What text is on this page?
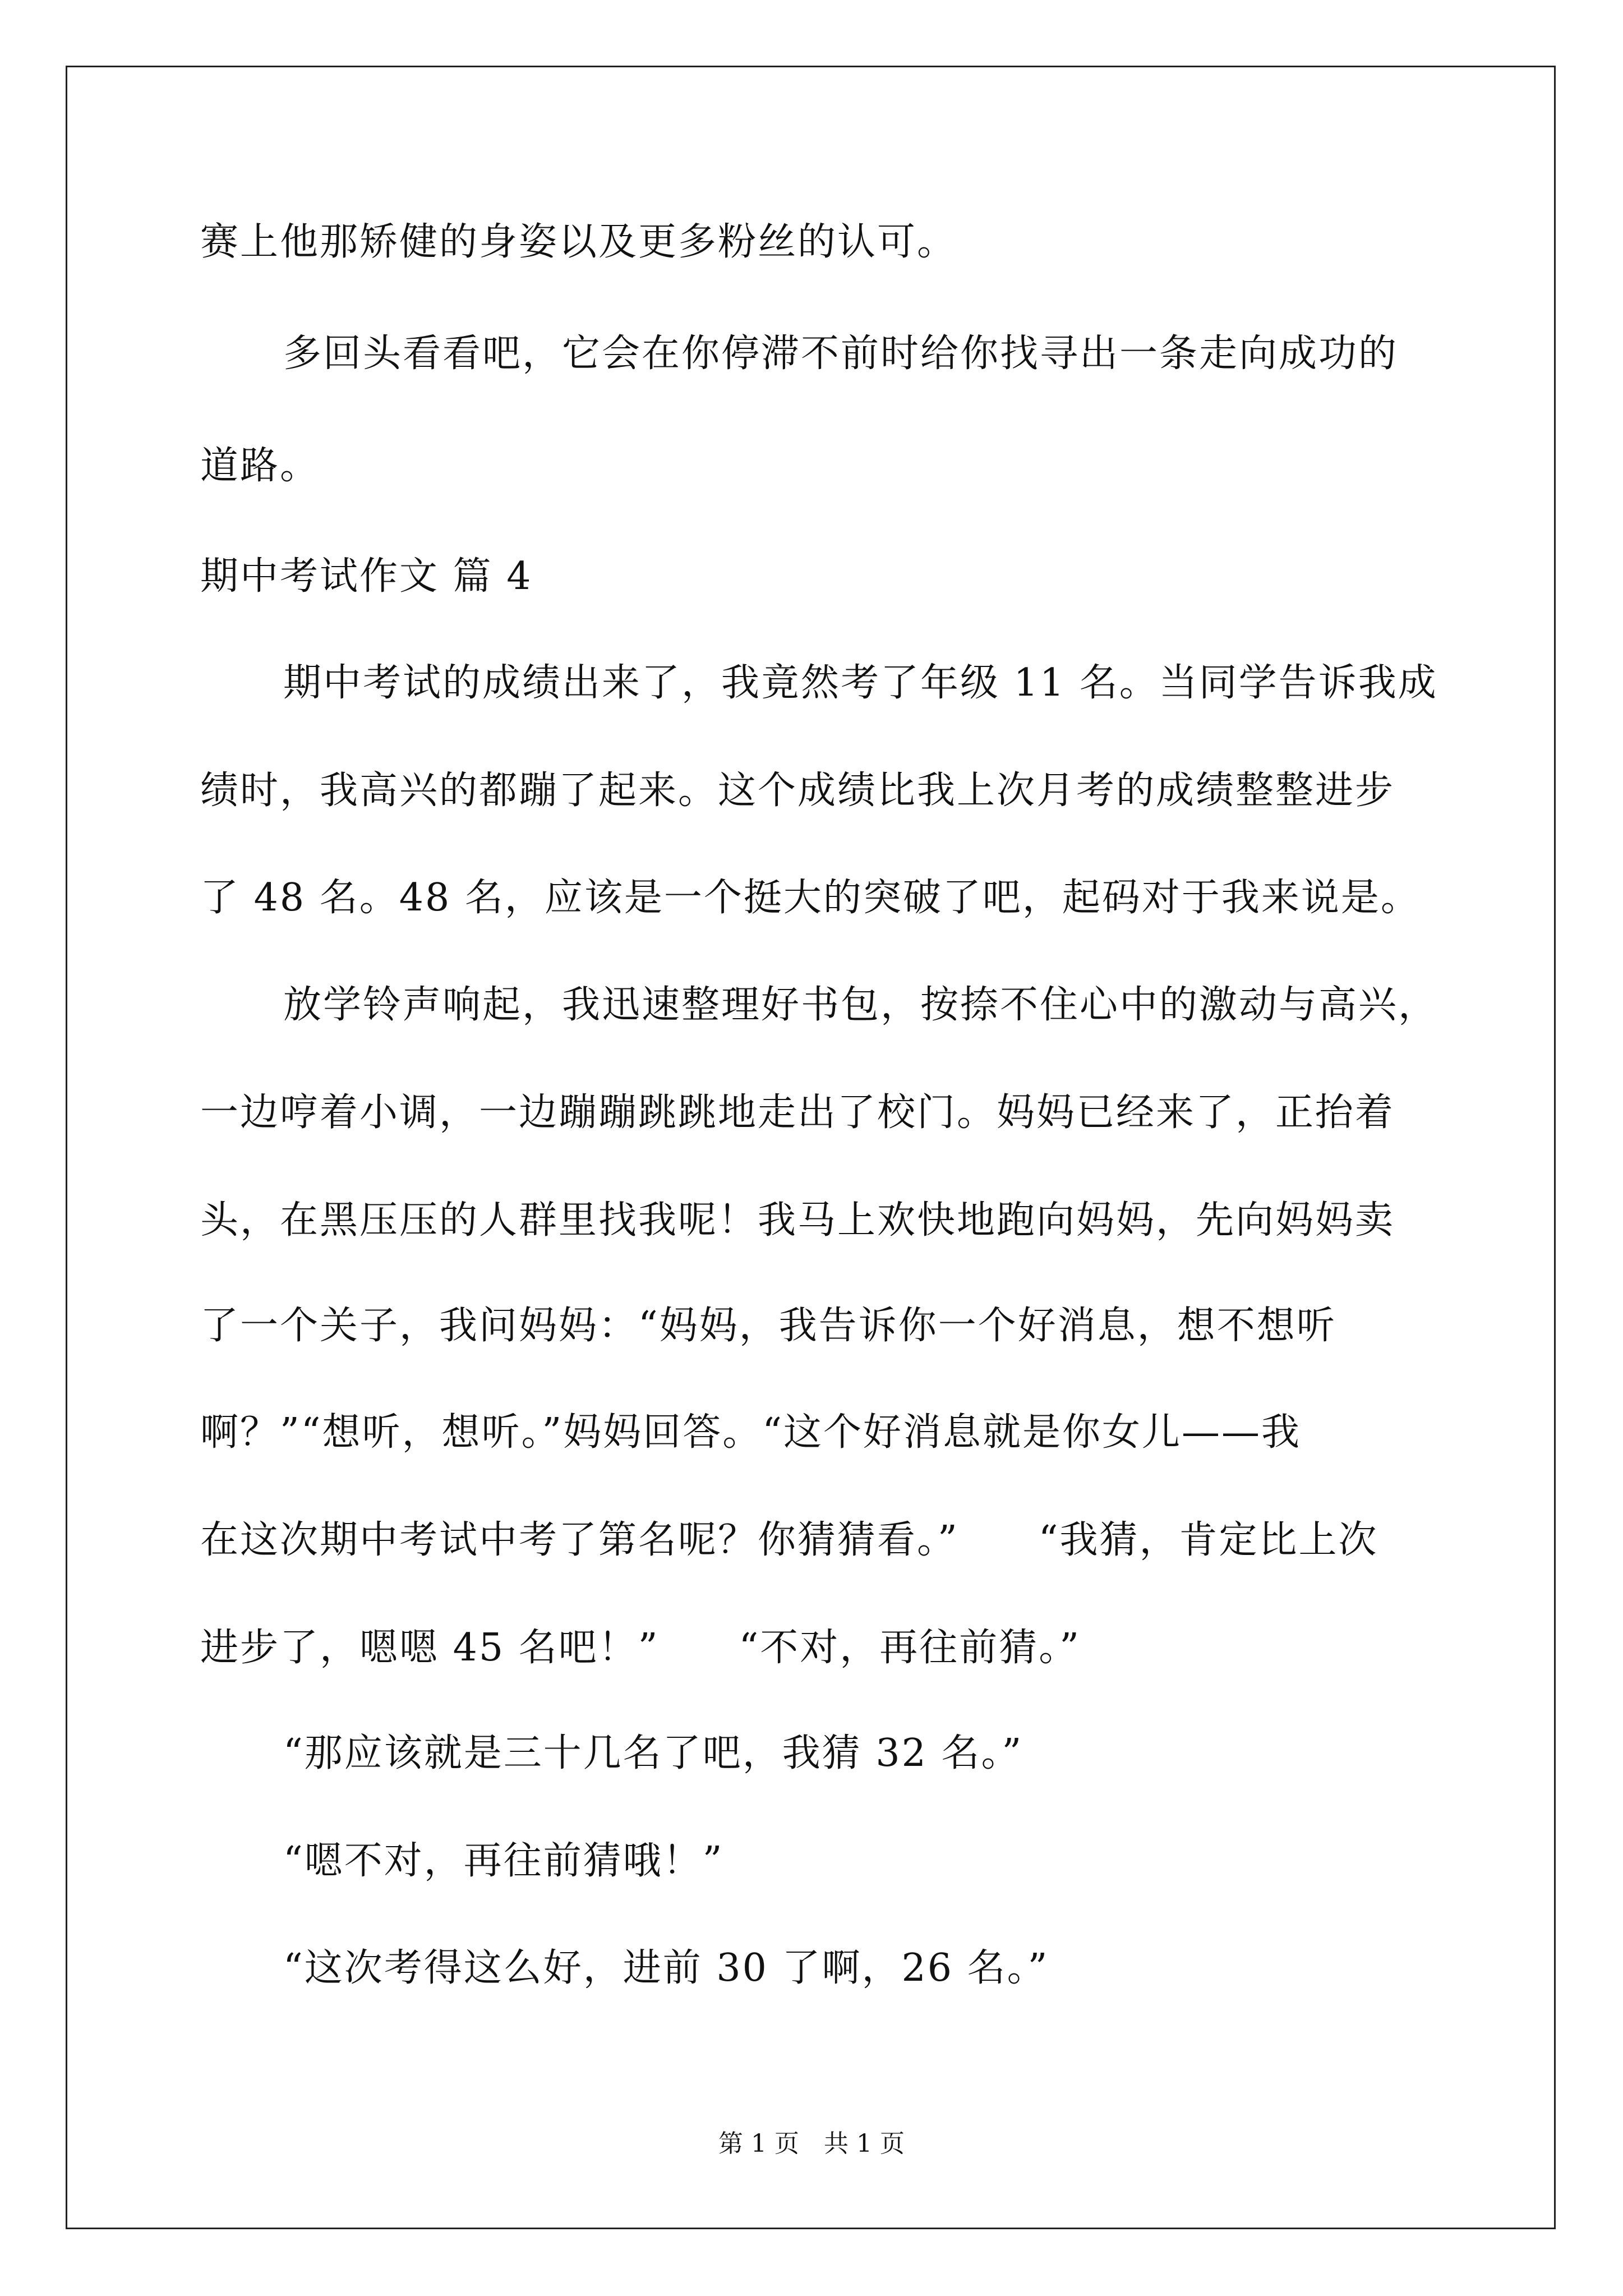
赛上他那矫健的身姿以及更多粉丝的认可。
多回头看看吧，它会在你停滞不前时给你找寻出一条走向成功的
道路。
期中考试作文 篇 4
期中考试的成绩出来了，我竟然考了年级 11 名。当同学告诉我成
绩时，我高兴的都蹦了起来。这个成绩比我上次月考的成绩整整进步
了 48 名。48 名，应该是一个挺大的突破了吧，起码对于我来说是。
放学铃声响起，我迅速整理好书包，按捺不住心中的激动与高兴，
一边哼着小调，一边蹦蹦跳跳地走出了校门。妈妈已经来了，正抬着
头，在黑压压的人群里找我呢！我马上欢快地跑向妈妈，先向妈妈卖
了一个关子，我问妈妈：“妈妈，我告诉你一个好消息，想不想听
啊？”“想听，想听。”妈妈回答。“这个好消息就是你女儿——我
在这次期中考试中考了第名呢？你猜猜看。”　　“我猜，肯定比上次
进步了，嗯嗯 45 名吧！”　　“不对，再往前猜。”
“那应该就是三十几名了吧，我猜 32 名。”
“嗯不对，再往前猜哦！”
“这次考得这么好，进前 30 了啊，26 名。”
第 1 页　共 1 页
